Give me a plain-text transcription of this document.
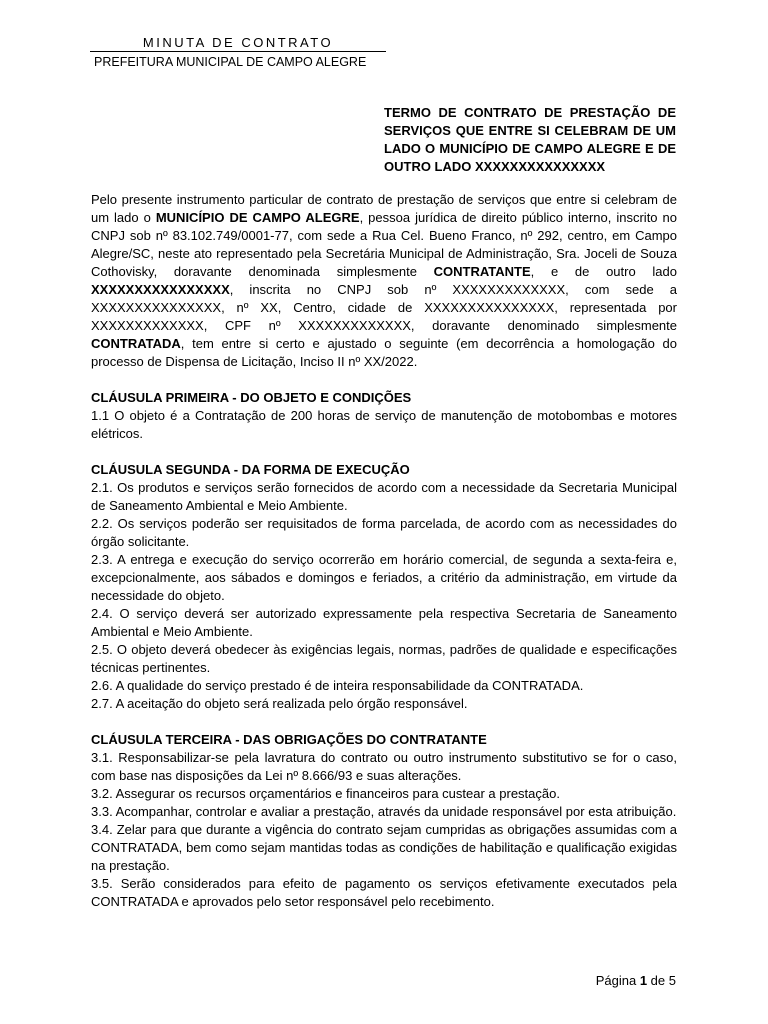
MINUTA DE CONTRATO
PREFEITURA MUNICIPAL DE CAMPO ALEGRE
TERMO DE CONTRATO DE PRESTAÇÃO DE SERVIÇOS QUE ENTRE SI CELEBRAM DE UM LADO O MUNICÍPIO DE CAMPO ALEGRE E DE OUTRO LADO XXXXXXXXXXXXXXX

Pelo presente instrumento particular de contrato de prestação de serviços que entre si celebram de um lado o MUNICÍPIO DE CAMPO ALEGRE, pessoa jurídica de direito público interno, inscrito no CNPJ sob nº 83.102.749/0001-77, com sede a Rua Cel. Bueno Franco, nº 292, centro, em Campo Alegre/SC, neste ato representado pela Secretária Municipal de Administração, Sra. Joceli de Souza Cothovisky, doravante denominada simplesmente CONTRATANTE, e de outro lado XXXXXXXXXXXXXXXX, inscrita no CNPJ sob nº XXXXXXXXXXXXX, com sede a XXXXXXXXXXXXXXX, nº XX, Centro, cidade de XXXXXXXXXXXXXXX, representada por XXXXXXXXXXXXX, CPF nº XXXXXXXXXXXXX, doravante denominado simplesmente CONTRATADA, tem entre si certo e ajustado o seguinte (em decorrência a homologação do processo de Dispensa de Licitação, Inciso II nº XX/2022.

CLÁUSULA PRIMEIRA - DO OBJETO E CONDIÇÕES

1.1 O objeto é a Contratação de 200 horas de serviço de manutenção de motobombas e motores elétricos.

CLÁUSULA SEGUNDA - DA FORMA DE EXECUÇÃO

2.1. Os produtos e serviços serão fornecidos de acordo com a necessidade da Secretaria Municipal de Saneamento Ambiental e Meio Ambiente.

2.2. Os serviços poderão ser requisitados de forma parcelada, de acordo com as necessidades do órgão solicitante.

2.3. A entrega e execução do serviço ocorrerão em horário comercial, de segunda a sexta-feira e, excepcionalmente, aos sábados e domingos e feriados, a critério da administração, em virtude da necessidade do objeto.

2.4. O serviço deverá ser autorizado expressamente pela respectiva Secretaria de Saneamento Ambiental e Meio Ambiente.

2.5. O objeto deverá obedecer às exigências legais, normas, padrões de qualidade e especificações técnicas pertinentes.

2.6. A qualidade do serviço prestado é de inteira responsabilidade da CONTRATADA.

2.7. A aceitação do objeto será realizada pelo órgão responsável.

CLÁUSULA TERCEIRA - DAS OBRIGAÇÕES DO CONTRATANTE

3.1. Responsabilizar-se pela lavratura do contrato ou outro instrumento substitutivo se for o caso, com base nas disposições da Lei nº 8.666/93 e suas alterações.

3.2. Assegurar os recursos orçamentários e financeiros para custear a prestação.

3.3. Acompanhar, controlar e avaliar a prestação, através da unidade responsável por esta atribuição.

3.4. Zelar para que durante a vigência do contrato sejam cumpridas as obrigações assumidas com a CONTRATADA, bem como sejam mantidas todas as condições de habilitação e qualificação exigidas na prestação.

3.5. Serão considerados para efeito de pagamento os serviços efetivamente executados pela CONTRATADA e aprovados pelo setor responsável pelo recebimento.

Página 1 de 5
